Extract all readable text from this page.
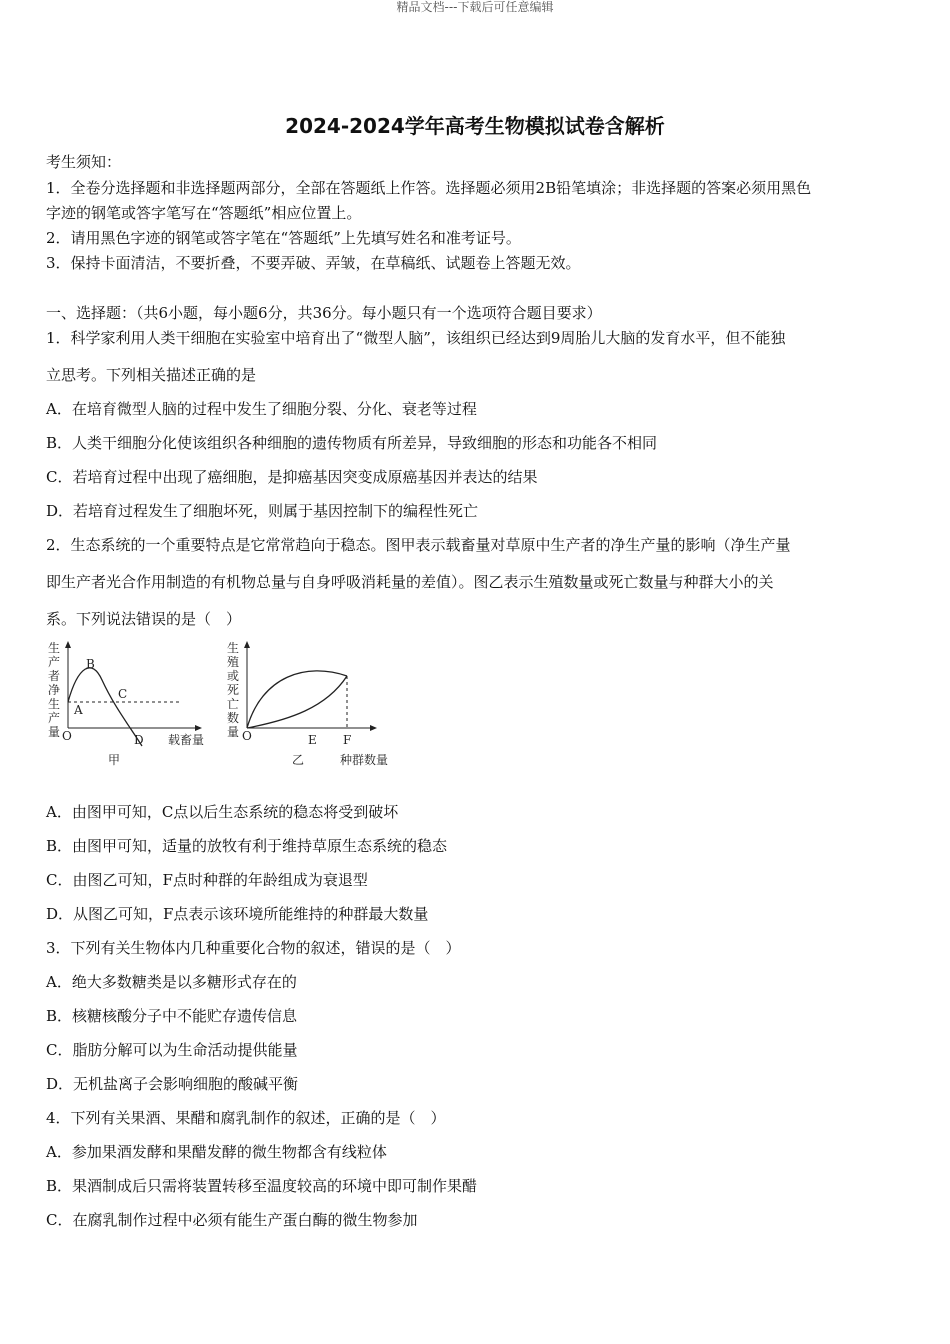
精品文档---下载后可任意编辑
2024-2024学年高考生物模拟试卷含解析
考生须知：
1．全卷分选择题和非选择题两部分，全部在答题纸上作答。选择题必须用2B铅笔填涂；非选择题的答案必须用黑色
字迹的钢笔或答字笔写在“答题纸”相应位置上。
2．请用黑色字迹的钢笔或答字笔在“答题纸”上先填写姓名和准考证号。
3．保持卡面清洁，不要折叠，不要弄破、弄皱，在草稿纸、试题卷上答题无效。
一、选择题：（共6小题，每小题6分，共36分。每小题只有一个选项符合题目要求）
1．科学家利用人类干细胞在实验室中培育出了“微型人脑”，该组织已经达到9周胎儿大脑的发育水平，但不能独
立思考。下列相关描述正确的是
A．在培育微型人脑的过程中发生了细胞分裂、分化、衰老等过程
B．人类干细胞分化使该组织各种细胞的遗传物质有所差异，导致细胞的形态和功能各不相同
C．若培育过程中出现了癌细胞，是抑癌基因突变成原癌基因并表达的结果
D．若培育过程发生了细胞坏死，则属于基因控制下的编程性死亡
2．生态系统的一个重要特点是它常常趋向于稳态。图甲表示载畜量对草原中生产者的净生产量的影响（净生产量
即生产者光合作用制造的有机物总量与自身呼吸消耗量的差值）。图乙表示生殖数量或死亡数量与种群大小的关
系。下列说法错误的是（　）
生
产
者
净
生
产
量
B
A
C
D
O	载畜量
甲
生
殖
或
死
亡
数
量 O	E F
乙	种群数量
A．由图甲可知，C点以后生态系统的稳态将受到破坏
B．由图甲可知，适量的放牧有利于维持草原生态系统的稳态
C．由图乙可知，F点时种群的年龄组成为衰退型
D．从图乙可知，F点表示该环境所能维持的种群最大数量
3．下列有关生物体内几种重要化合物的叙述，错误的是（　）
A．绝大多数糖类是以多糖形式存在的
B．核糖核酸分子中不能贮存遗传信息
C．脂肪分解可以为生命活动提供能量
D．无机盐离子会影响细胞的酸碱平衡
4．下列有关果酒、果醋和腐乳制作的叙述，正确的是（　）
A．参加果酒发酵和果醋发酵的微生物都含有线粒体
B．果酒制成后只需将装置转移至温度较高的环境中即可制作果醋
C．在腐乳制作过程中必须有能生产蛋白酶的微生物参加
